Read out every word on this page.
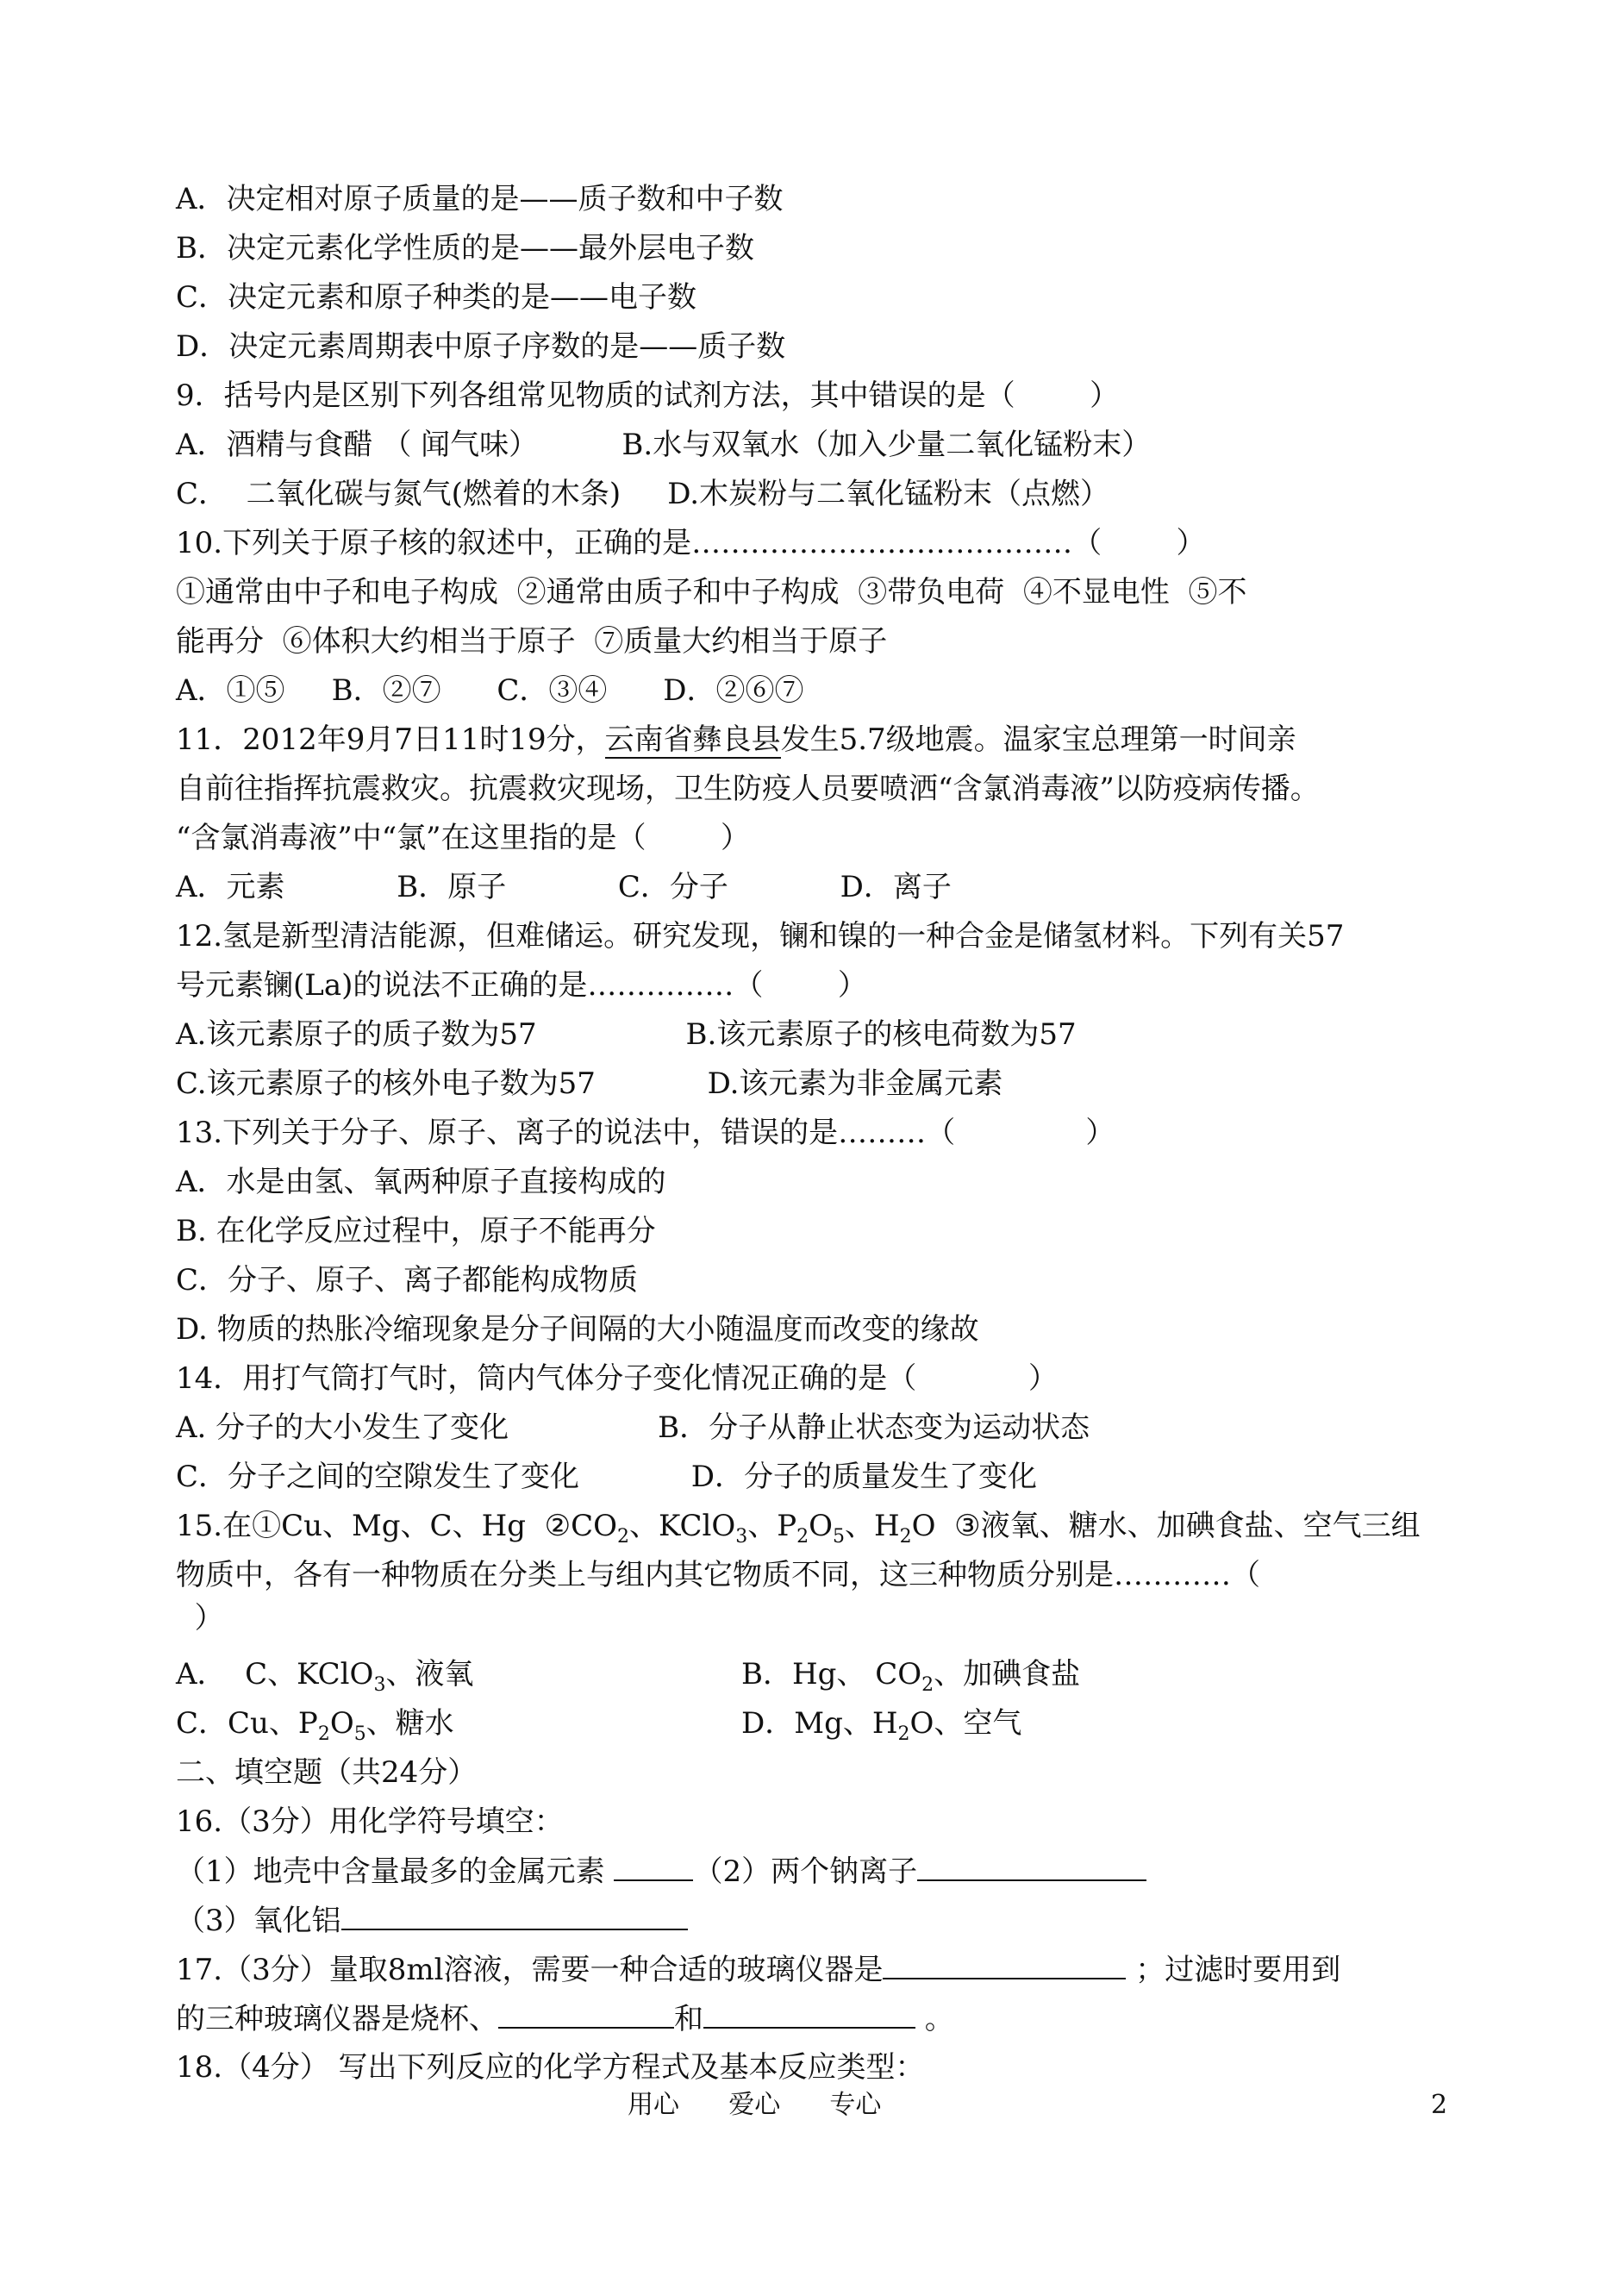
A．决定相对原子质量的是——质子数和中子数

B．决定元素化学性质的是——最外层电子数

C．决定元素和原子种类的是——电子数

D．决定元素周期表中原子序数的是——质子数

9．括号内是区别下列各组常见物质的试剂方法，其中错误的是（        ）

A．酒精与食醋 （ 闻气味）         B.水与双氧水（加入少量二氧化锰粉末）

C．  二氧化碳与氮气(燃着的木条)     D.木炭粉与二氧化锰粉末（点燃）

10.下列关于原子核的叙述中，正确的是…………………………………（        ）

①通常由中子和电子构成  ②通常由质子和中子构成  ③带负电荷  ④不显电性  ⑤不

能再分  ⑥体积大约相当于原子  ⑦质量大约相当于原子

A．①⑤     B．②⑦      C．③④      D．②⑥⑦

11．2012年9月7日11时19分，云南省彝良县发生5.7级地震。温家宝总理第一时间亲

自前往指挥抗震救灾。抗震救灾现场，卫生防疫人员要喷洒“含氯消毒液”以防疫病传播。

“含氯消毒液”中“氯”在这里指的是（        ）

A．元素            B．原子            C．分子            D．离子

12.氢是新型清洁能源，但难储运。研究发现，镧和镍的一种合金是储氢材料。下列有关57

号元素镧(La)的说法不正确的是……………（        ）

A.该元素原子的质子数为57                B.该元素原子的核电荷数为57

C.该元素原子的核外电子数为57            D.该元素为非金属元素

13.下列关于分子、原子、离子的说法中，错误的是………（              ）

A．水是由氢、氧两种原子直接构成的

B. 在化学反应过程中，原子不能再分

C．分子、原子、离子都能构成物质

D. 物质的热胀冷缩现象是分子间隔的大小随温度而改变的缘故

14．用打气筒打气时，筒内气体分子变化情况正确的是（            ）

A. 分子的大小发生了变化                B．分子从静止状态变为运动状态

C．分子之间的空隙发生了变化            D．分子的质量发生了变化

15.在①Cu、Mg、C、Hg  $②CO_2$、KClO$_3$、$P_2O_5$、$H_2O$  ③液氧、糖水、加碘食盐、空气三组

物质中，各有一种物质在分类上与组内其它物质不同，这三种物质分别是…………（

）

A．  C、KClO$_3$、液氧	B．Hg、 $CO_2$、加碘食盐

C．Cu、$P_2O_5$、糖水	D．Mg、$H_2O$、空气

二、填空题（共24分）

16.（3分）用化学符号填空：

（1）地壳中含量最多的金属元素	（2）两个钠离子

（3）氧化铝

17.（3分）量取8ml溶液，需要一种合适的玻璃仪器是	；过滤时要用到

的三种玻璃仪器是烧杯、	和	。

18.（4分） 写出下列反应的化学方程式及基本反应类型：

用心      爱心      专心	2
